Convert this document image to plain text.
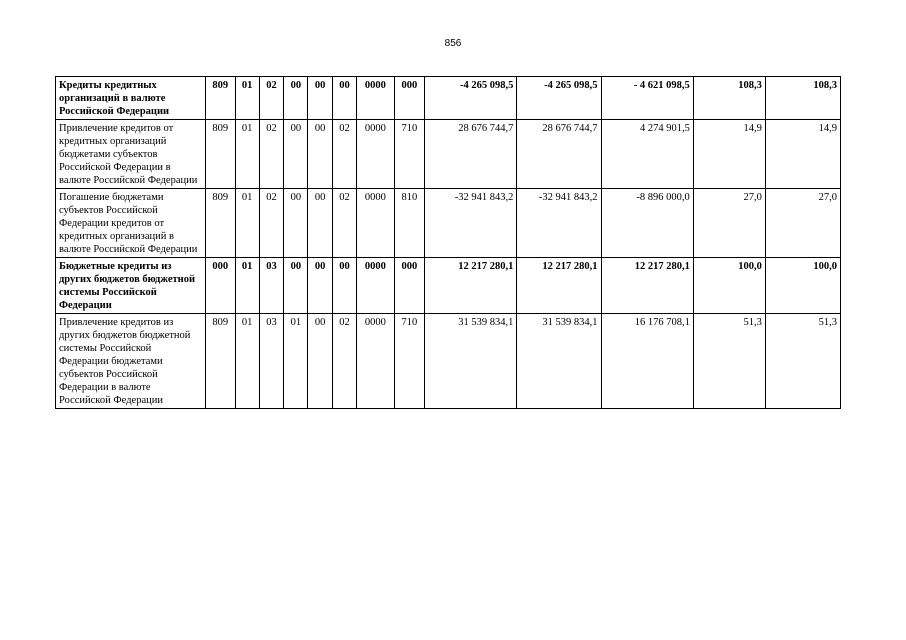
856
Кредиты кредитных организаций в валюте Российской Федерации	809	01	02	00	00	00	0000	000	-4 265 098,5	-4 265 098,5	- 4 621 098,5	108,3	108,3
Привлечение кредитов от кредитных организаций бюджетами субъектов Российской Федерации в валюте Российской Федерации	809	01	02	00	00	02	0000	710	28 676 744,7	28 676 744,7	4 274 901,5	14,9	14,9
Погашение бюджетами субъектов Российской Федерации кредитов от кредитных организаций в валюте Российской Федерации	809	01	02	00	00	02	0000	810	-32 941 843,2	-32 941 843,2	-8 896 000,0	27,0	27,0
Бюджетные кредиты из других бюджетов бюджетной системы Российской Федерации	000	01	03	00	00	00	0000	000	12 217 280,1	12 217 280,1	12 217 280,1	100,0	100,0
Привлечение кредитов из других бюджетов бюджетной системы Российской Федерации бюджетами субъектов Российской Федерации в валюте Российской Федерации	809	01	03	01	00	02	0000	710	31 539 834,1	31 539 834,1	16 176 708,1	51,3	51,3
